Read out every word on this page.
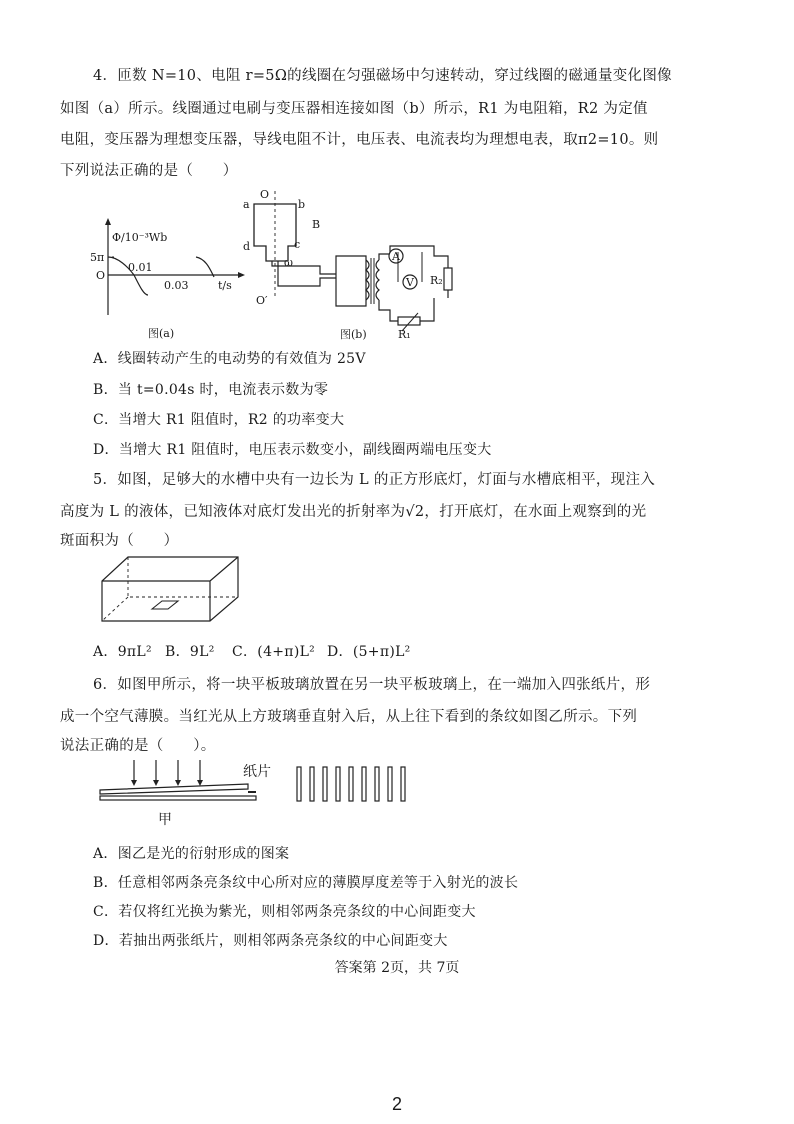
4．匝数 N=10、电阻 r=5Ω的线圈在匀强磁场中匀速转动，穿过线圈的磁通量变化图像
如图（a）所示。线圈通过电刷与变压器相连接如图（b）所示，R1 为电阻箱，R2 为定值
电阻，变压器为理想变压器，导线电阻不计，电压表、电流表均为理想电表，取π2=10。则
下列说法正确的是（　　）
Φ/10⁻³Wb
5π
O
0.01
0.03	t/s
图(a)
O
a	b
c
d
B
ω
O′
A
V R₂
R₁
图(b)
A．线圈转动产生的电动势的有效值为 25V
B．当 t=0.04s 时，电流表示数为零
C．当增大 R1 阻值时，R2 的功率变大
D．当增大 R1 阻值时，电压表示数变小，副线圈两端电压变大
5．如图，足够大的水槽中央有一边长为 L 的正方形底灯，灯面与水槽底相平，现注入
高度为 L 的液体，已知液体对底灯发出光的折射率为√2，打开底灯，在水面上观察到的光
斑面积为（　　）
A．9πL² B．9L² C．(4+π)L² D．(5+π)L²
6．如图甲所示，将一块平板玻璃放置在另一块平板玻璃上，在一端加入四张纸片，形
成一个空气薄膜。当红光从上方玻璃垂直射入后，从上往下看到的条纹如图乙所示。下列
说法正确的是（　　）。
纸片
甲
A．图乙是光的衍射形成的图案
B．任意相邻两条亮条纹中心所对应的薄膜厚度差等于入射光的波长
C．若仅将红光换为紫光，则相邻两条亮条纹的中心间距变大
D．若抽出两张纸片，则相邻两条亮条纹的中心间距变大
答案第 2页，共 7页
2
